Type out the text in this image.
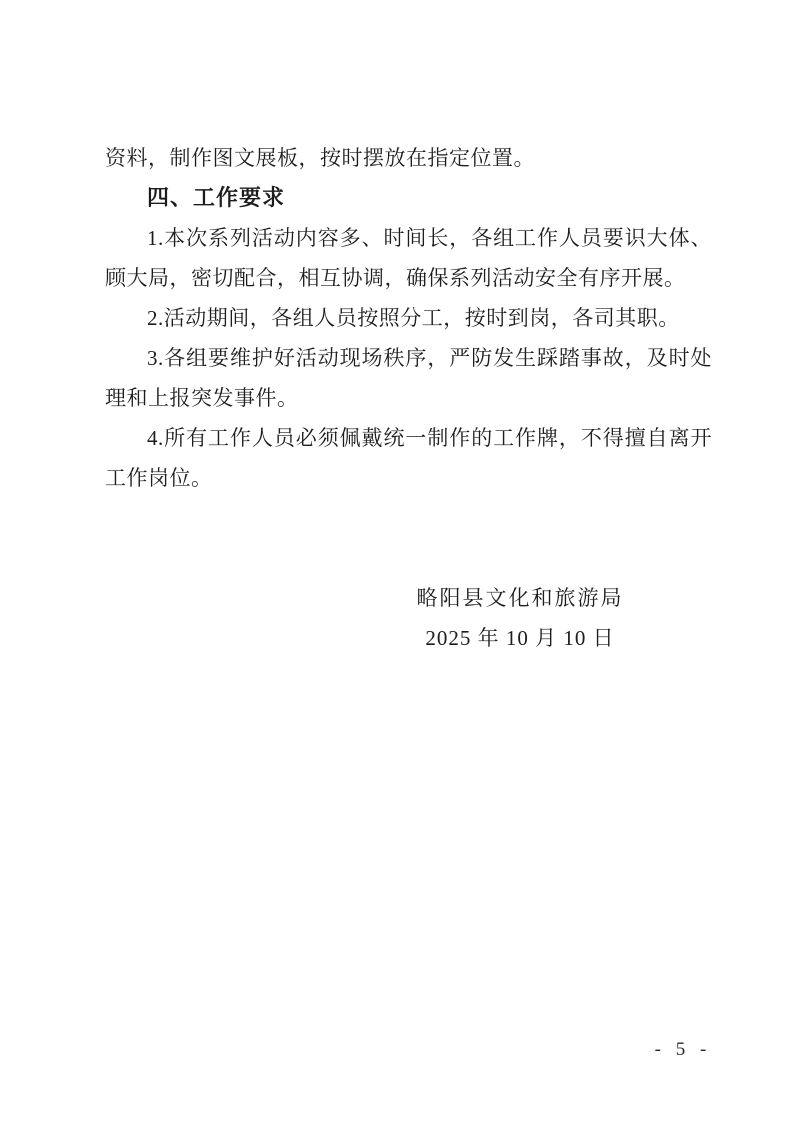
资料，制作图文展板，按时摆放在指定位置。
四、工作要求
1.本次系列活动内容多、时间长，各组工作人员要识大体、
顾大局，密切配合，相互协调，确保系列活动安全有序开展。
2.活动期间，各组人员按照分工，按时到岗，各司其职。
3.各组要维护好活动现场秩序，严防发生踩踏事故，及时处
理和上报突发事件。
4.所有工作人员必须佩戴统一制作的工作牌，不得擅自离开
工作岗位。
略阳县文化和旅游局
2025 年 10 月 10 日
- 5 -
